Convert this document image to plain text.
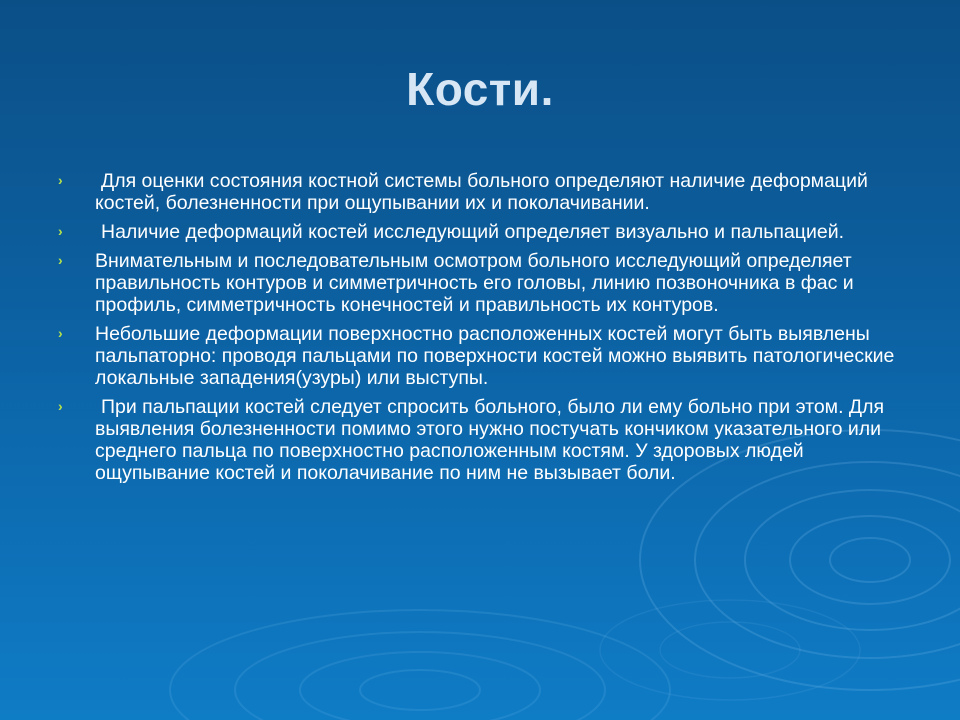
Кости.
›	Для оценки состояния костной системы больного определяют наличие деформаций костей, болезненности при ощупывании их и поколачивании.
›	Наличие деформаций костей исследующий определяет визуально и пальпацией.
› Внимательным и последовательным осмотром больного исследующий определяет правильность контуров и симметричность его головы, линию позвоночника в фас и профиль, симметричность конечностей и правильность их контуров.
› Небольшие деформации поверхностно расположенных костей могут быть выявлены пальпаторно: проводя пальцами по поверхности костей можно выявить патологические локальные западения(узуры) или выступы.
›	При пальпации костей следует спросить больного, было ли ему больно при этом. Для выявления болезненности помимо этого нужно постучать кончиком указательного или среднего пальца по поверхностно расположенным костям. У здоровых людей ощупывание костей и поколачивание по ним не вызывает боли.
